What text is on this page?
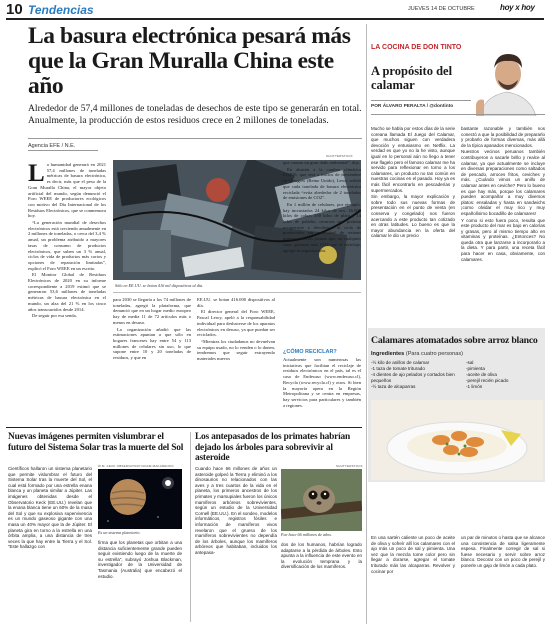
10 Tendencias	JUEVES 14 DE OCTUBRE	hoy x hoy
La basura electrónica pesará más que la Gran Muralla China este año
Alrededor de 57,4 millones de toneladas de desechos de este tipo se generarán en total. Anualmente, la producción de estos residuos crece en 2 millones de toneladas.
Agencia EFE / N.E.

La humanidad generará en 2021 57,4 millones de toneladas métricas de basura electrónica, es decir, más que el peso de la Gran Muralla China, el mayor objeto artificial del mundo, según denunció el Foro WEEE de productores ecológicos con motivo del Día Internacional de los Residuos Electrónicos, que se conmemora hoy.

“La generación mundial de desechos electrónicos está creciendo anualmente en 2 millones de toneladas, o cerca del 3,4 % anual, un problema atribuido a mayores tasas de consumo de productos electrónicos, que suben un 3 % anual, ciclos de vida de productos más cortos y opciones de reparación limitadas”, explicó el Foro WEEE en un escrito.

El Monitor Global de Residuos Electrónicos de 2020 en su informe correspondiente a 2019 estimó que se generaron 53,6 millones de toneladas métricas de basura electrónica en el mundo, un alza del 21 % en los cinco años transcurridos desde 2014.

De seguir por esa senda,

SHUTTERSTOCK
Sólo en EE.UU. se botan 416 mil dispositivos al día.

para 2030 se llegaría a los 74 millones de toneladas, agregó la plataforma, que denunció que en un hogar medio europeo hay de media 11 de 72 artículos más o menos en desuso.

La organización añadió que las estimaciones apuntan a que sólo en hogares franceses hay entre 54 y 113 millones de celulares sin uso, lo que supone entre 10 y 20 toneladas de residuos, y que en

EE.UU. se botan 416.000 dispositivos al día.

El director general del Foro WEEE, Pascal Leroy, apeló a la responsabilidad individual para deshacerse de los aparatos electrónicos en desuso, ya que puedan ser reciclados.

“Mientras los ciudadanos no devuelvan su equipo usado, no lo venden o lo donen, tendremos que seguir extrayendo materiales nuevos

que causan un gran daño ambiental”, dijo.

En alusión a la cumbre climática COP26, que será a inicios de noviembre en Glasgow (Reino Unido), Leroy señaló que cada tonelada de basura electrónica reciclada “evita alrededor de 2 toneladas de emisiones de CO2”.

En 1 millón de celulares, por ejemplo, hay incrustados 24 kilos de oro, 16.000 kilos de cobre, 350 kilos de plata y 14 kilos de paladio, recursos que podrían recuperarse y devolverse al ciclo de producción sin necesidad de extraer nuevas materias primas que, en cualquier caso, generan más CO2 que el reciclaje, agregó la organización.

¿CÓMO RECICLAR?

Actualmente son numerosas las iniciativas que facilitan el reciclaje de residuos electrónicos en el país, tal es el caso de Endesuso (www.endesuso.cl), Recycla (www.recycla.cl) y otros. Si bien la mayoría opera en la Región Metropolitana y se centra en empresas, hay servicios para particulares y también a regiones.

LA COCINA DE DON TINTO
A propósito del calamar
POR ÁLVARO PERALTA / @dontinto

Mucho se habla por estos días de la serie coreana llamada El Juego del Calamar, que muchos siguen con verdadera devoción y entusiasmo en Netflix. La verdad es que yo no la he visto, aunque igual en lo personal aún no llego a tener ese flagelo pero el famoso calamar me ha servido para reflexionar en torno a los calamares, un producto no tan común en nuestras cocinas en el pasado. Hoy ya es más fácil encontrarlo en pescaderías y supermercados.

Sin embargo, la mayor explicación y sobre todo sus nuevas formas de presentación en el punto de venta (en conserva y congelado) nos fueron acercando a este producto tan cotizado en otras latitudes. Lo bueno es que la mayor abundancia en la oferta del calamar le dio un precio

bastante razonable y también nos conectó a que la posibilidad de prepararlo y probarlo de formas diversas, más allá de la típica apanados mencionados.

Nuestros vecinos peruanos también contribuyeron a sacarle brillo y realce al calamar, ya que actualmente se incluye en diversas preparaciones como saltados de pescado, arroces fritos, ceviches y más. ¿Cuándo vimos un anillo de calamar antes en ceviche? Pero lo bueno es que hay más, porque los calamares pueden acompañar a muy diversos platos: ensaladas y hasta en sandwichs ¡como olvidar el muy rico y muy españolísimo bocadillo de calamares!

Y como si esto fuera poco, resulta que este producto del mar es bajo en calorías y grasas, pero al mismo tiempo alto en vitaminas y proteínas. ¿Entonces? No queda otra que lanzarse a incorporarlo a la dieta. Y para partir, una receta fácil para hacer en casa, obviamente, con calamares.

Calamares atomatados sobre arroz blanco
Ingredientes (Para cuatro personas)
-½ kilo de anillos de calamar
-1 taza de tomate triturado
-4 dientes de ajo pelados y cortados bien pequeños
-½ taza de alcaparras
-sal
-pimienta
-aceite de oliva
-perejil recién picado
-1 limón

En una sartén caliente un poco de aceite de oliva y sofreír allí los calamares con el ajo más un poco de sal y pimienta. Una vez que la mezcla tome color pero sin llegar a dorarse, agregar el tomate triturado más las alcaparras. Revolver y cocinar por

un par de minutos o hasta que se alcance una consistencia de salsa ligeramente espesa. Finalmente corregir de sal si fuese necesario y servir sobre arroz blanco. Decorar con un poco de perejil y ponerle un gajo de limón a cada plato.

Nuevas imágenes permiten vislumbrar el futuro del Sistema Solar tras la muerte del Sol

Científicos hallaron un sistema planetario que permite vislumbrar el futuro del Sistema Solar tras la muerte del Sol, el cual está formado por una estrella enana blanca y un planeta similar a Júpiter. Las imágenes obtenidas desde el Observatorio Keck (EE.UU.) revelan que la enana blanca tiene un 60% de la masa del Sol y que su explosiva supervivencia es un mundo gaseoso gigante con una masa un 40% mayor que la de Júpiter. El planeta gira en torno a la estrella en una órbita amplia, a una distancia de tres veces la que hay entre la Tierra y el Sol. “Este hallazgo con

W.M. KECK OBSERVATORY/ADAM MAKARENKO
Es un sistema planetario.

firma que los planetas que orbitan a una distancia suficientemente grande pueden seguir existiendo luego de la muerte de su estrella”, subrayó Joshua Blackman, investigador de la Universidad de Tasmania (Australia) que encabezó el estudio.

Los antepasados de los primates habrían dejado los árboles para sobrevivir al asteroide

Cuando hace 66 millones de años un asteroide golpeó la Tierra y eliminó a los dinosaurios no relacionados con las aves y a tres cuartos de la vida en el planeta, los primeros ancestros de los primates y marsupiales fueron los únicos mamíferos arbóreos sobrevivientes, según un estudio de la Universidad Cornell (EE.UU.). En el sondeo, modelos informáticos, registros fósiles e información de mamíferos vivos revelaron que el grueso de los mamíferos sobrevivientes no dependía de los árboles, aunque los mamíferos arbóreos que habitaban, incluidos los antepasa-

SHUTTERSTOCK
Fue hace 66 millones de años.

dos de los humanos, habrían logrado adaptarse a la pérdida de árboles. Esto apunta a la influencia de este evento en la evolución temprana y la diversificación de los mamíferos.
